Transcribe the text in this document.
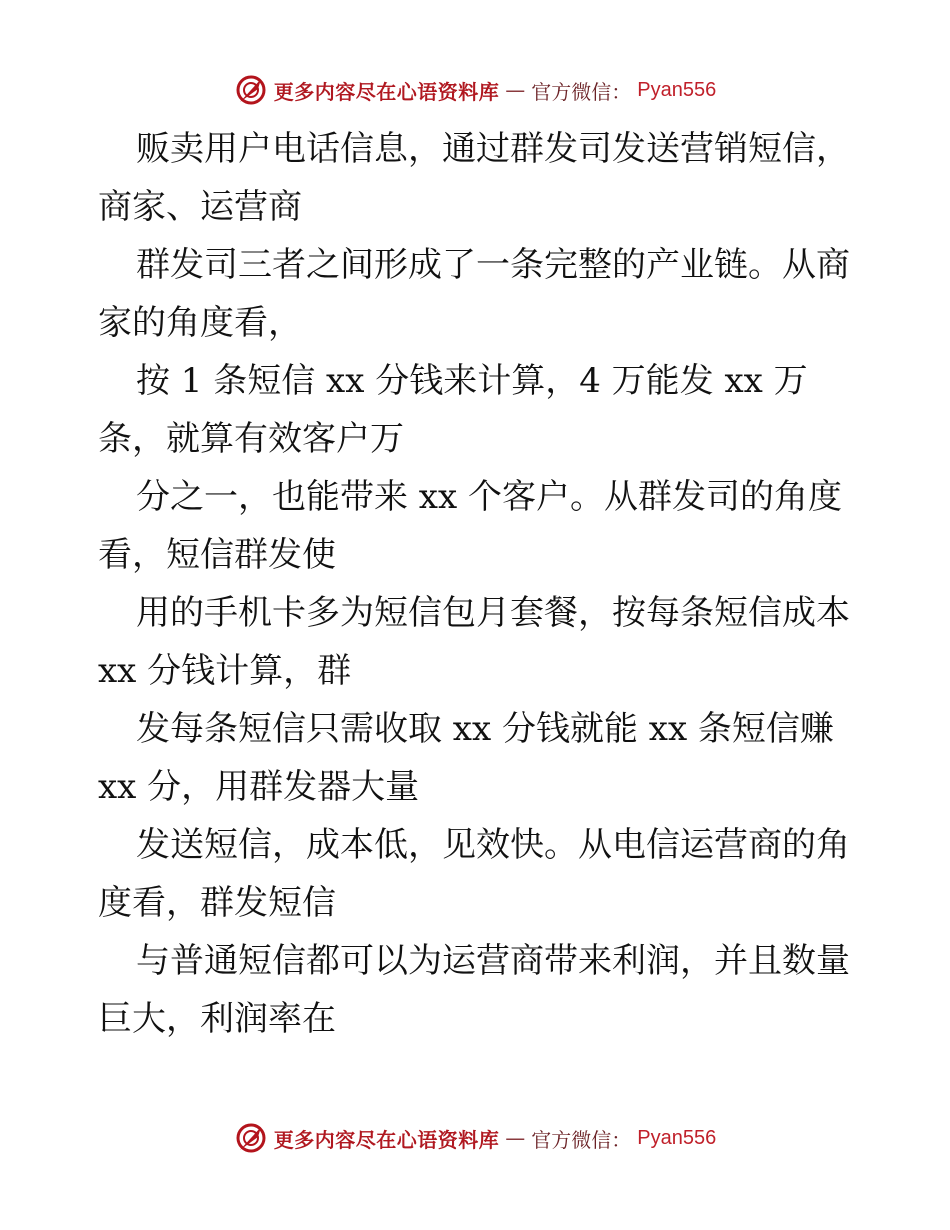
更多内容尽在心语资料库 — 官方微信： Pyan556

贩卖用户电话信息，通过群发司发送营销短信，商家、运营商

群发司三者之间形成了一条完整的产业链。从商家的角度看，

按 1 条短信 xx 分钱来计算，4 万能发 xx 万条，就算有效客户万

分之一，也能带来 xx 个客户。从群发司的角度看，短信群发使

用的手机卡多为短信包月套餐，按每条短信成本 xx 分钱计算，群

发每条短信只需收取 xx 分钱就能 xx 条短信赚 xx 分，用群发器大量

发送短信，成本低，见效快。从电信运营商的角度看，群发短信

与普通短信都可以为运营商带来利润，并且数量巨大，利润率在

更多内容尽在心语资料库 — 官方微信： Pyan556
